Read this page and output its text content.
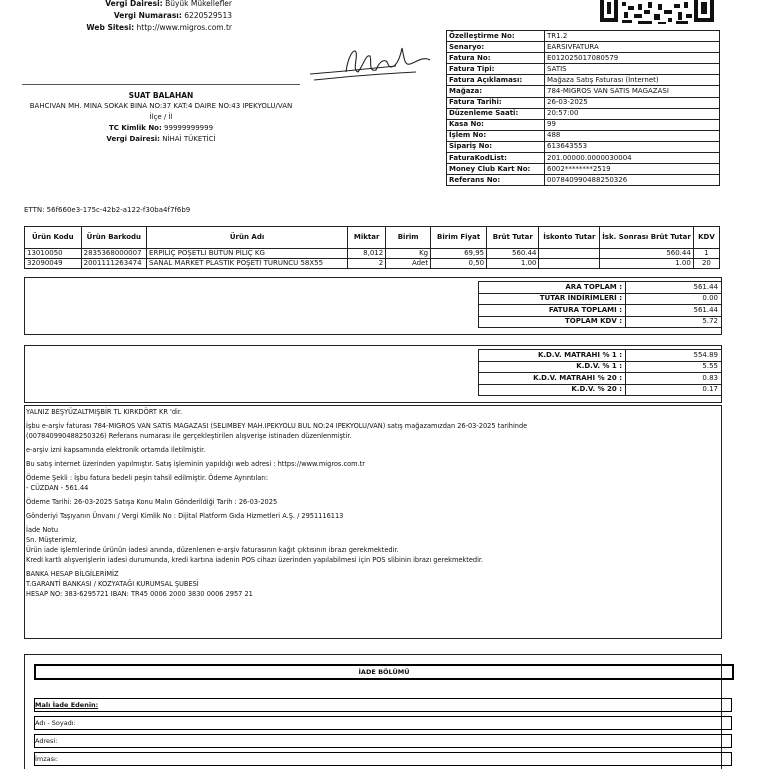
Vergi Dairesi: Büyük Mükellefler
Vergi Numarası: 6220529513
Web Sitesi: http://www.migros.com.tr
SUAT BALAHAN
BAHCIVAN MH. MINA SOKAK BINA NO:37 KAT:4 DAIRE NO:43 IPEKYOLU/VAN
İlçe / İl
TC Kimlik No: 99999999999
Vergi Dairesi: NİHAİ TÜKETİCİ
Özelleştirme No:	TR1.2
Senaryo:	EARSIVFATURA
Fatura No:	E012025017080579
Fatura Tipi:	SATIS
Fatura Açıklaması:	Mağaza Satış Faturası (İnternet)
Mağaza:	784-MIGROS VAN SATIS MAGAZASI
Fatura Tarihi:	26-03-2025
Düzenleme Saati:	20:57:00
Kasa No:	99
İşlem No:	488
Sipariş No:	613643553
FaturaKodList:	201.00000.0000030004
Money Club Kart No:	6002********2519
Referans No:	007840990488250326
ETTN: 56f660e3-175c-42b2-a122-f30ba4f7f6b9
Ürün Kodu	Ürün Barkodu	Ürün Adı	Miktar	Birim	Birim Fiyat	Brüt Tutar	İskonto Tutar	İsk. Sonrası Brüt Tutar	KDV
13010050	2835368000007	ERPİLİÇ POŞETLİ BÜTÜN PİLİÇ KG	8,012	Kg	69,95	560.44		560.44	1
32090049	2001111263474	SANAL MARKET PLASTİK POŞETİ TURUNCU 58X55	2	Adet	0,50	1.00		1.00	20
ARA TOPLAM :	561.44
TUTAR İNDİRİMLERİ :	0.00
FATURA TOPLAMI :	561.44
TOPLAM KDV :	5.72
K.D.V. MATRAHI % 1 :	554.89
K.D.V. % 1 :	5.55
K.D.V. MATRAHI % 20 :	0.83
K.D.V. % 20 :	0.17

YALNIZ BEŞYÜZALTMIŞBİR TL KIRKDÖRT KR 'dir.

İşbu e-arşiv faturası 784-MIGROS VAN SATIS MAGAZASI (SELIMBEY MAH.IPEKYOLU BUL NO:24 IPEKYOLU/VAN) satış mağazamızdan 26-03-2025 tarihinde

(007840990488250326) Referans numarası ile gerçekleştirilen alışverişe istinaden düzenlenmiştir.

e-arşiv izni kapsamında elektronik ortamda iletilmiştir.

Bu satış internet üzerinden yapılmıştır. Satış işleminin yapıldığı web adresi : https://www.migros.com.tr

Ödeme Şekli : İşbu fatura bedeli peşin tahsil edilmiştir. Ödeme Ayrıntıları:

- CÜZDAN - 561.44

Ödeme Tarihi: 26-03-2025 Satışa Konu Malın Gönderildiği Tarih : 26-03-2025

Gönderiyi Taşıyanın Ünvanı / Vergi Kimlik No : Dijital Platform Gıda Hizmetleri A.Ş. / 2951116113

İade Notu

Sn. Müşterimiz,

Ürün iade işlemlerinde ürünün iadesi anında, düzenlenen e-arşiv faturasının kağıt çıktısının ibrazı gerekmektedir.

Kredi kartlı alışverişlerin iadesi durumunda, kredi kartına iadenin POS cihazı üzerinden yapılabilmesi için POS slibinin ibrazı gerekmektedir.

BANKA HESAP BİLGİLERİMİZ

T.GARANTİ BANKASI / KOZYATAĞI KURUMSAL ŞUBESİ

HESAP NO: 383-6295721 IBAN: TR45 0006 2000 3830 0006 2957 21

İADE BÖLÜMÜ
Malı İade Edenin:
Adı - Soyadı:
Adresi:
İmzası:
